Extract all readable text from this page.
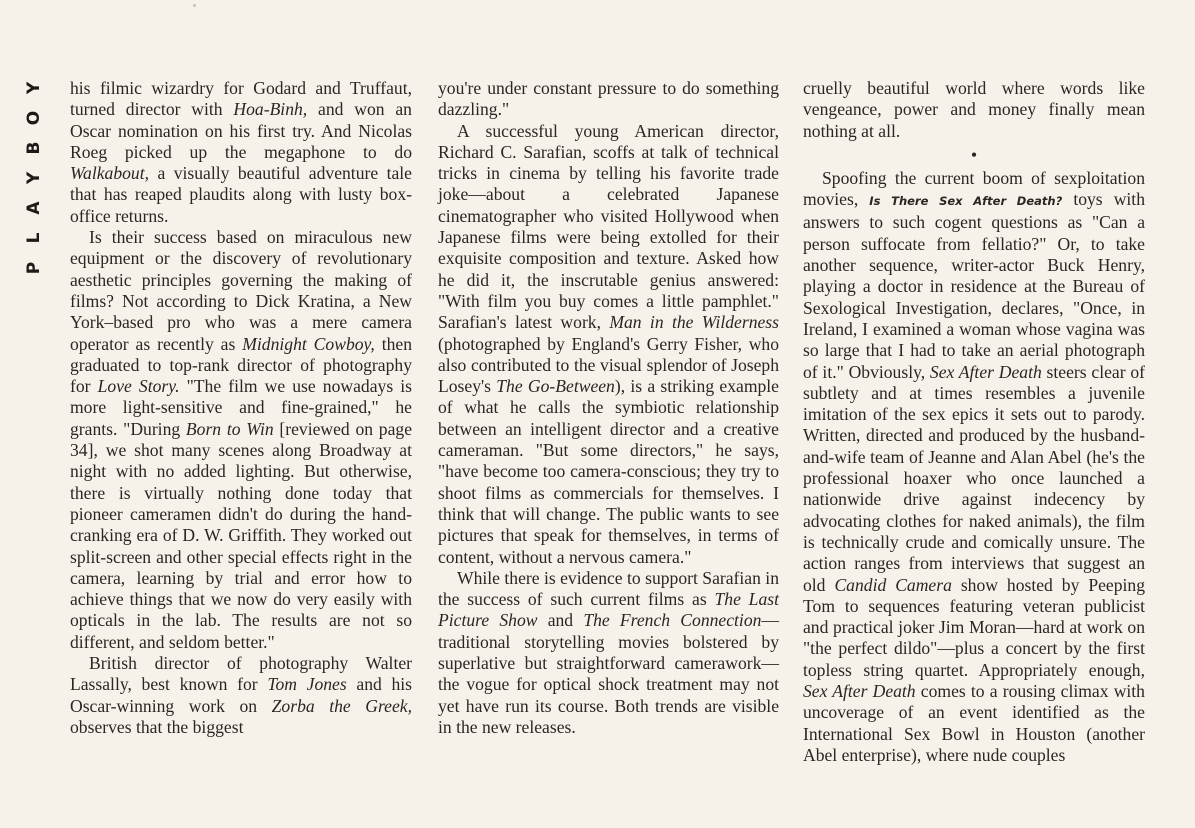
Y
O
B
Y
A
L
P

his filmic wizardry for Godard and Truffaut, turned director with Hoa-Binh, and won an Oscar nomination on his first try. And Nicolas Roeg picked up the megaphone to do Walkabout, a visually beautiful adventure tale that has reaped plaudits along with lusty box-office returns.

Is their success based on miraculous new equipment or the discovery of revolutionary aesthetic principles governing the making of films? Not according to Dick Kratina, a New York–based pro who was a mere camera operator as recently as Midnight Cowboy, then graduated to top-rank director of photography for Love Story. "The film we use nowadays is more light-sensitive and fine-grained," he grants. "During Born to Win [reviewed on page 34], we shot many scenes along Broadway at night with no added lighting. But otherwise, there is virtually nothing done today that pioneer cameramen didn't do during the hand-cranking era of D. W. Griffith. They worked out split-screen and other special effects right in the camera, learning by trial and error how to achieve things that we now do very easily with opticals in the lab. The results are not so different, and seldom better."

British director of photography Walter Lassally, best known for Tom Jones and his Oscar-winning work on Zorba the Greek, observes that the biggest

you're under constant pressure to do something dazzling."

A successful young American director, Richard C. Sarafian, scoffs at talk of technical tricks in cinema by telling his favorite trade joke—about a celebrated Japanese cinematographer who visited Hollywood when Japanese films were being extolled for their exquisite composition and texture. Asked how he did it, the inscrutable genius answered: "With film you buy comes a little pamphlet." Sarafian's latest work, Man in the Wilderness (photographed by England's Gerry Fisher, who also contributed to the visual splendor of Joseph Losey's The Go-Between), is a striking example of what he calls the symbiotic relationship between an intelligent director and a creative cameraman. "But some directors," he says, "have become too camera-conscious; they try to shoot films as commercials for themselves. I think that will change. The public wants to see pictures that speak for themselves, in terms of content, without a nervous camera."

While there is evidence to support Sarafian in the success of such current films as The Last Picture Show and The French Connection—traditional storytelling movies bolstered by superlative but straightforward camerawork—the vogue for optical shock treatment may not yet have run its course. Both trends are visible in the new releases.

cruelly beautiful world where words like vengeance, power and money finally mean nothing at all.

•

Spoofing the current boom of sexploitation movies, Is There Sex After Death? toys with answers to such cogent questions as "Can a person suffocate from fellatio?" Or, to take another sequence, writer-actor Buck Henry, playing a doctor in residence at the Bureau of Sexological Investigation, declares, "Once, in Ireland, I examined a woman whose vagina was so large that I had to take an aerial photograph of it." Obviously, Sex After Death steers clear of subtlety and at times resembles a juvenile imitation of the sex epics it sets out to parody. Written, directed and produced by the husband-and-wife team of Jeanne and Alan Abel (he's the professional hoaxer who once launched a nationwide drive against indecency by advocating clothes for naked animals), the film is technically crude and comically unsure. The action ranges from interviews that suggest an old Candid Camera show hosted by Peeping Tom to sequences featuring veteran publicist and practical joker Jim Moran—hard at work on "the perfect dildo"—plus a concert by the first topless string quartet. Appropriately enough, Sex After Death comes to a rousing climax with uncoverage of an event identified as the International Sex Bowl in Houston (another Abel enterprise), where nude couples
